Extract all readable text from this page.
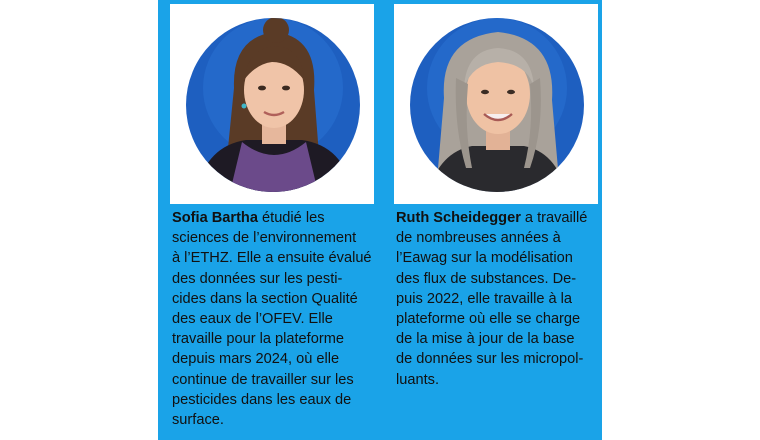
Sofia Bartha étudié les
sciences de l’environnement
à l’ETHZ. Elle a ensuite évalué
des données sur les pesti-
cides dans la section Qualité
des eaux de l’OFEV. Elle
travaille pour la plateforme
depuis mars 2024, où elle
continue de travailler sur les
pesticides dans les eaux de
surface.

Ruth Scheidegger a travaillé
de nombreuses années à
l’Eawag sur la modélisation
des flux de substances. De-
puis 2022, elle travaille à la
plateforme où elle se charge
de la mise à jour de la base
de données sur les micropol-
luants.
